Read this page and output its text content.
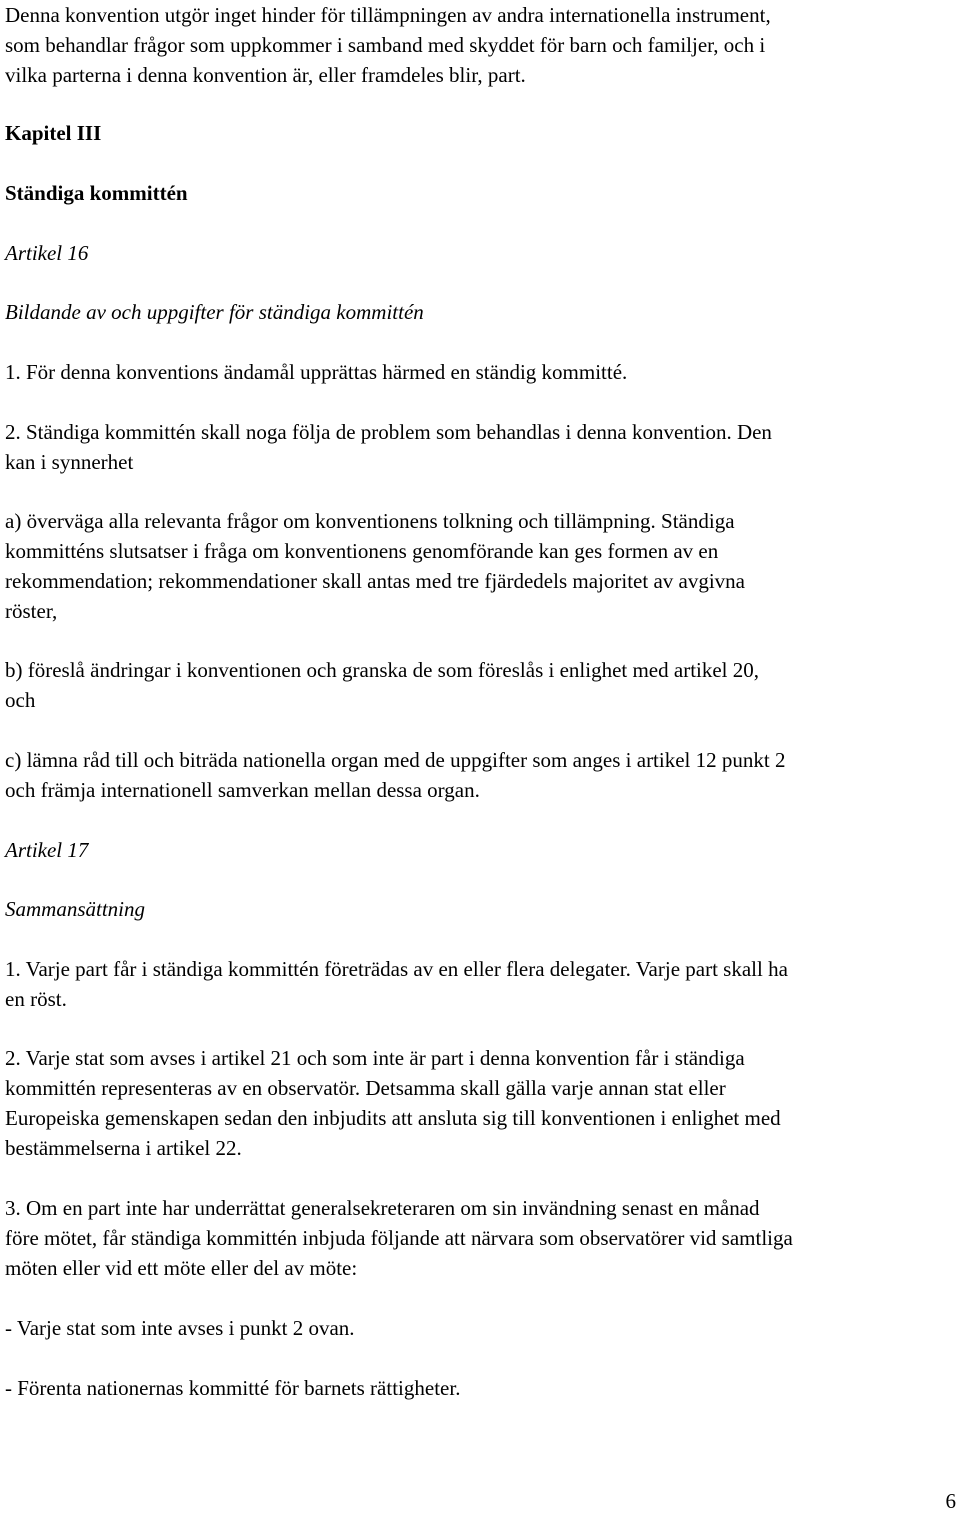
Denna konvention utgör inget hinder för tillämpningen av andra internationella instrument,

som behandlar frågor som uppkommer i samband med skyddet för barn och familjer, och i

vilka parterna i denna konvention är, eller framdeles blir, part.

Kapitel III

Ständiga kommittén

Artikel 16

Bildande av och uppgifter för ständiga kommittén

1. För denna konventions ändamål upprättas härmed en ständig kommitté.

2. Ständiga kommittén skall noga följa de problem som behandlas i denna konvention. Den

kan i synnerhet

a) överväga alla relevanta frågor om konventionens tolkning och tillämpning. Ständiga

kommitténs slutsatser i fråga om konventionens genomförande kan ges formen av en

rekommendation; rekommendationer skall antas med tre fjärdedels majoritet av avgivna

röster,

b) föreslå ändringar i konventionen och granska de som föreslås i enlighet med artikel 20,

och

c) lämna råd till och biträda nationella organ med de uppgifter som anges i artikel 12 punkt 2

och främja internationell samverkan mellan dessa organ.

Artikel 17

Sammansättning

1. Varje part får i ständiga kommittén företrädas av en eller flera delegater. Varje part skall ha

en röst.

2. Varje stat som avses i artikel 21 och som inte är part i denna konvention får i ständiga

kommittén representeras av en observatör. Detsamma skall gälla varje annan stat eller

Europeiska gemenskapen sedan den inbjudits att ansluta sig till konventionen i enlighet med

bestämmelserna i artikel 22.

3. Om en part inte har underrättat generalsekreteraren om sin invändning senast en månad

före mötet, får ständiga kommittén inbjuda följande att närvara som observatörer vid samtliga

möten eller vid ett möte eller del av möte:

- Varje stat som inte avses i punkt 2 ovan.

- Förenta nationernas kommitté för barnets rättigheter.

6
